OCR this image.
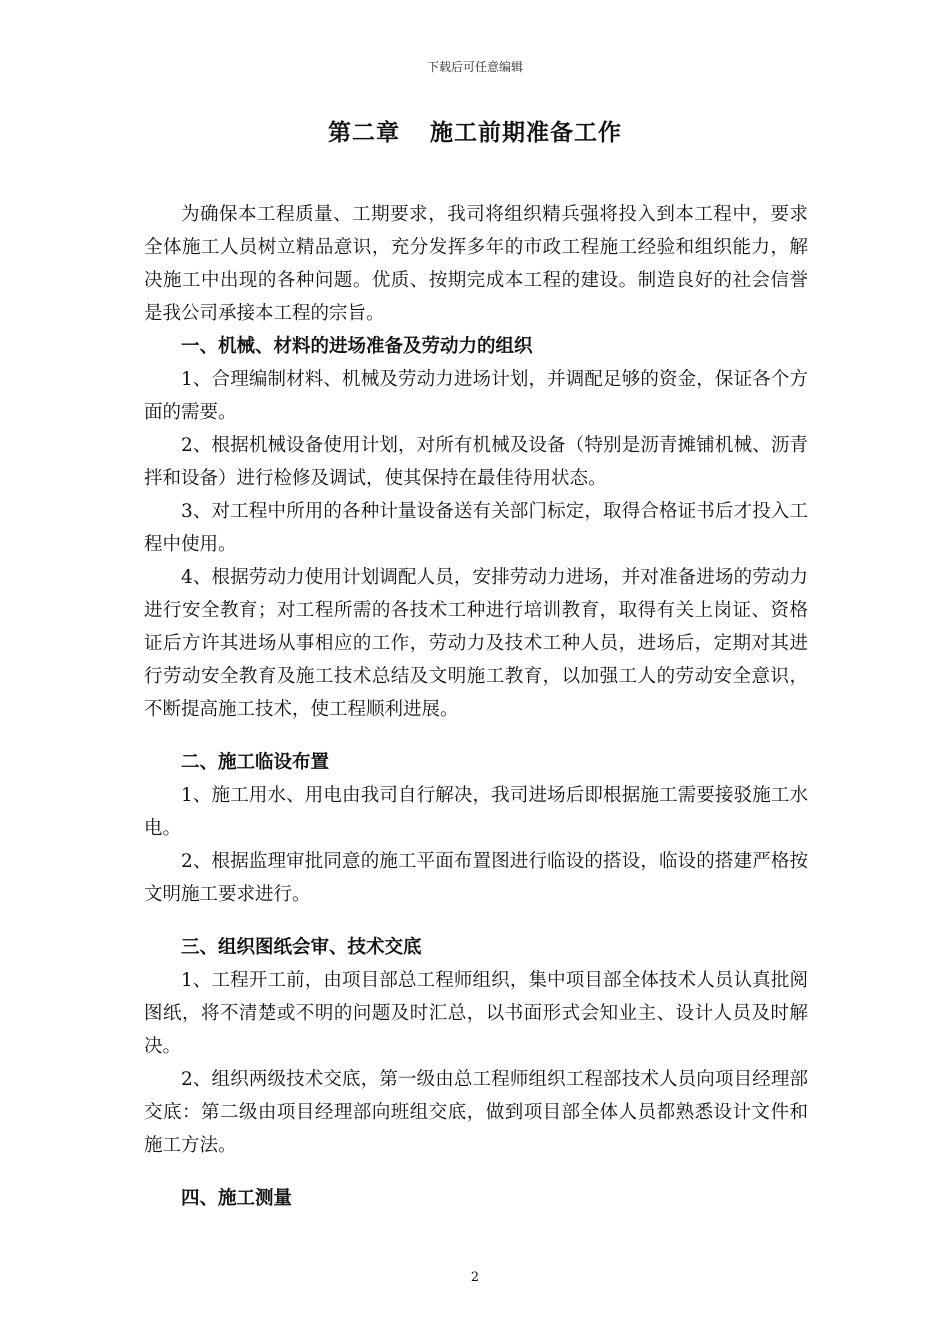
下载后可任意编辑
第二章 施工前期准备工作

为确保本工程质量、工期要求，我司将组织精兵强将投入到本工程中，要求全体施工人员树立精品意识，充分发挥多年的市政工程施工经验和组织能力，解决施工中出现的各种问题。优质、按期完成本工程的建设。制造良好的社会信誉是我公司承接本工程的宗旨。

一、机械、材料的进场准备及劳动力的组织

1、合理编制材料、机械及劳动力进场计划，并调配足够的资金，保证各个方面的需要。

2、根据机械设备使用计划，对所有机械及设备（特别是沥青摊铺机械、沥青拌和设备）进行检修及调试，使其保持在最佳待用状态。

3、对工程中所用的各种计量设备送有关部门标定，取得合格证书后才投入工程中使用。

4、根据劳动力使用计划调配人员，安排劳动力进场，并对准备进场的劳动力进行安全教育；对工程所需的各技术工种进行培训教育，取得有关上岗证、资格证后方许其进场从事相应的工作，劳动力及技术工种人员，进场后，定期对其进行劳动安全教育及施工技术总结及文明施工教育，以加强工人的劳动安全意识，不断提高施工技术，使工程顺利进展。

二、施工临设布置

1、施工用水、用电由我司自行解决，我司进场后即根据施工需要接驳施工水电。

2、根据监理审批同意的施工平面布置图进行临设的搭设，临设的搭建严格按文明施工要求进行。

三、组织图纸会审、技术交底

1、工程开工前，由项目部总工程师组织，集中项目部全体技术人员认真批阅图纸，将不清楚或不明的问题及时汇总，以书面形式会知业主、设计人员及时解决。

2、组织两级技术交底，第一级由总工程师组织工程部技术人员向项目经理部交底：第二级由项目经理部向班组交底，做到项目部全体人员都熟悉设计文件和施工方法。

四、施工测量
2
